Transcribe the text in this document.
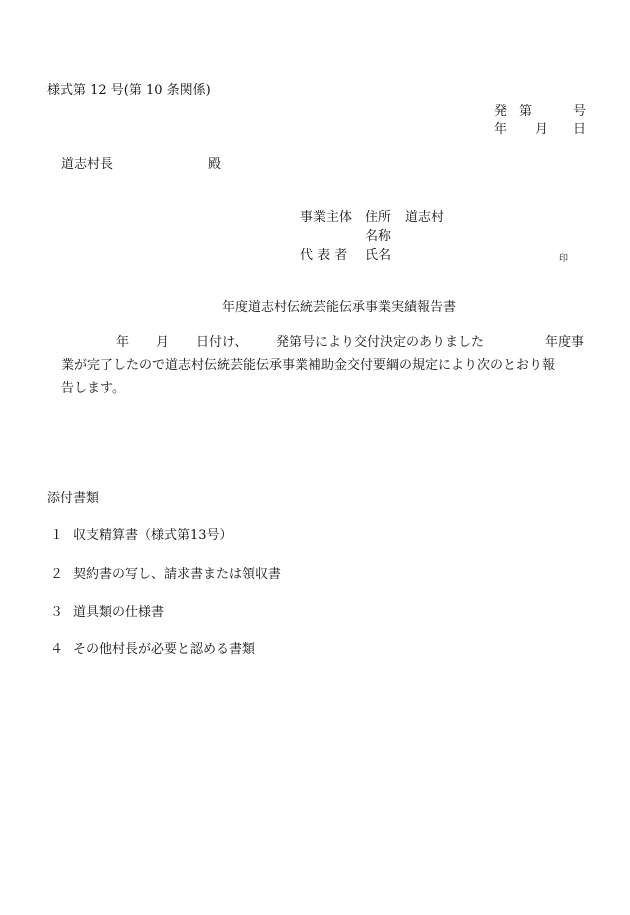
様式第 12 号(第 10 条関係)
発 第	号
年 月 日
道志村長	殿
事業主体 住所 道志村
名称
代 表 者 氏名	印
年度道志村伝統芸能伝承事業実績報告書
年 月 日付け、 発第号により交付決定のありました	年度事
業が完了したので道志村伝統芸能伝承事業補助金交付要綱の規定により次のとおり報
告します。
添付書類
１ 収支精算書（様式第13号）
２ 契約書の写し、請求書または領収書
３ 道具類の仕様書
４ その他村長が必要と認める書類
